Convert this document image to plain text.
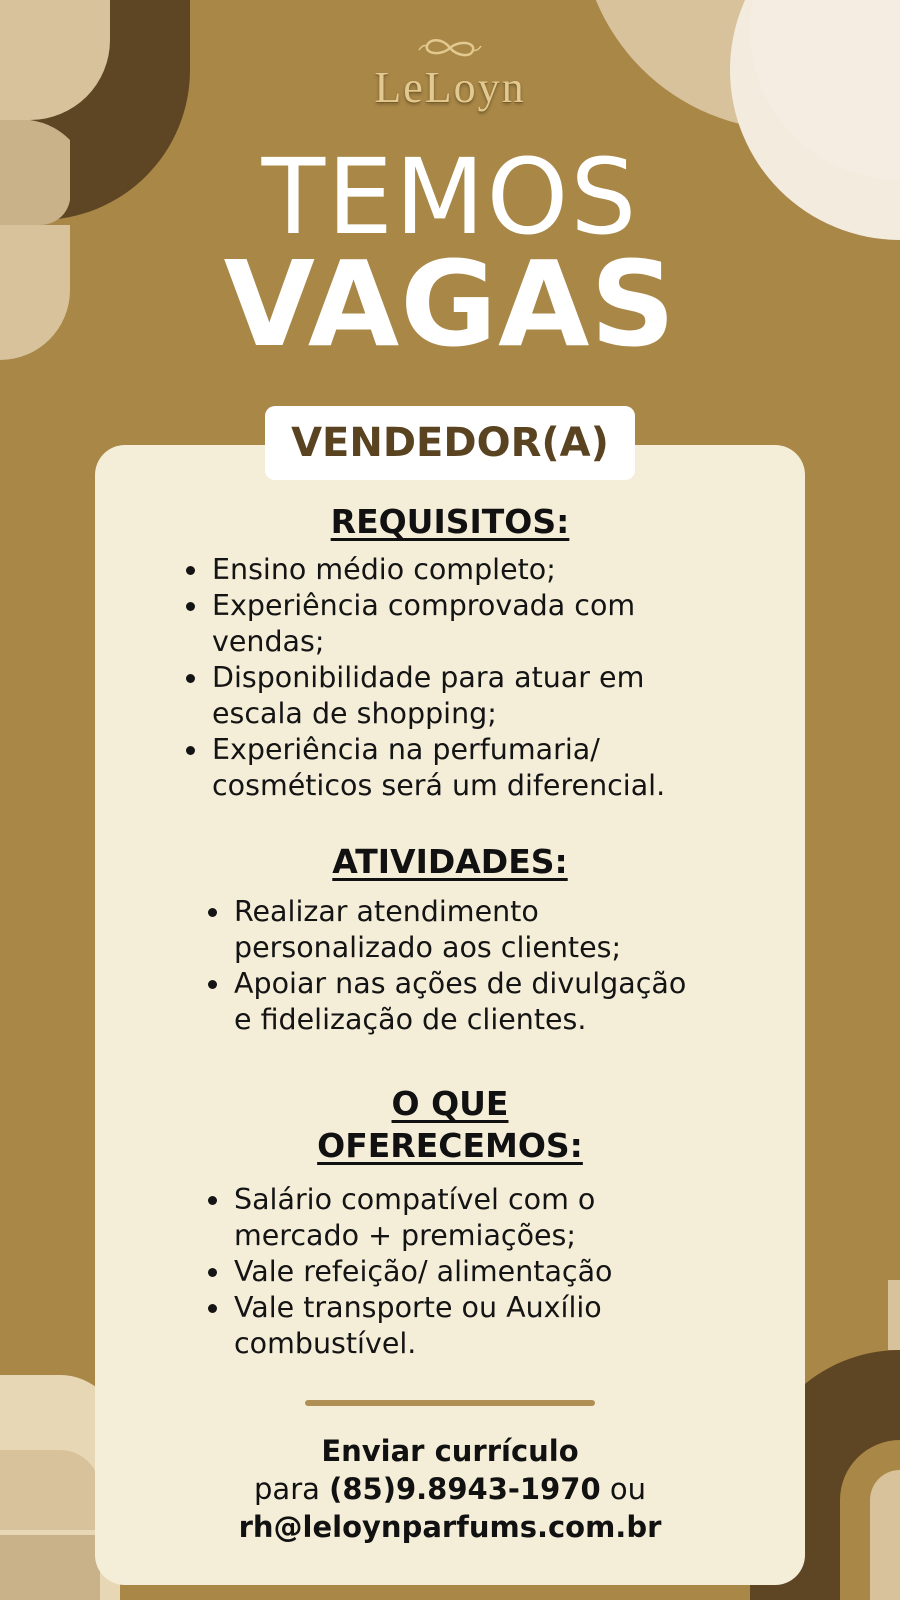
LeLoyn
TEMOS
VAGAS
VENDEDOR(A)
REQUISITOS:
Ensino médio completo;
Experiência comprovada com
vendas;
Disponibilidade para atuar em
escala de shopping;
Experiência na perfumaria/
cosméticos será um diferencial.
ATIVIDADES:
Realizar atendimento
personalizado aos clientes;
Apoiar nas ações de divulgação
e fidelização de clientes.
O QUE
OFERECEMOS:
Salário compatível com o
mercado + premiações;
Vale refeição/ alimentação
Vale transporte ou Auxílio
combustível.
Enviar currículo
para (85)9.8943-1970 ou
rh@leloynparfums.com.br
